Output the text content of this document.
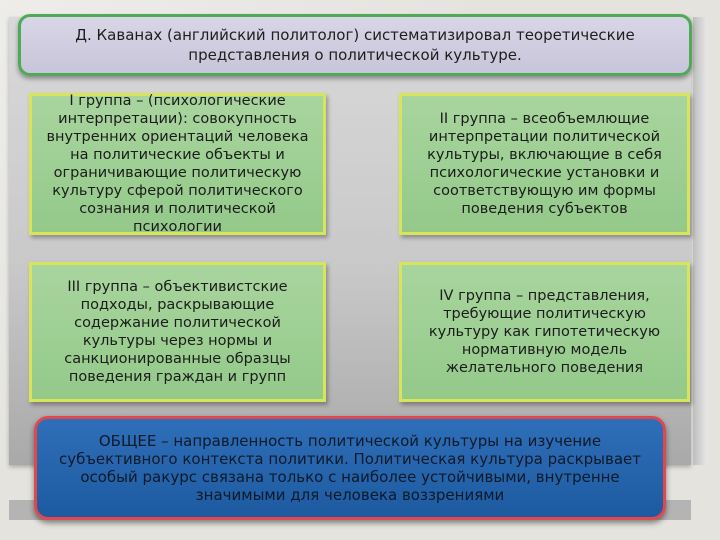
Д. Каванах (английский политолог) систематизировал теоретические представления о политической культуре.
I группа – (психологические интерпретации): совокупность внутренних ориентаций человека на политические объекты и ограничивающие политическую культуру сферой политического сознания и политической психологии
II группа – всеобъемлющие интерпретации политической культуры, включающие в себя психологические установки и соответствующую им формы поведения субъектов
III группа – объективистские подходы, раскрывающие содержание политической культуры через нормы и санкционированные образцы поведения граждан и групп
IV группа – представления, требующие политическую культуру как гипотетическую нормативную модель желательного поведения
ОБЩЕЕ – направленность политической культуры на изучение субъективного контекста политики. Политическая культура раскрывает особый ракурс связана только с наиболее устойчивыми, внутренне значимыми для человека воззрениями
